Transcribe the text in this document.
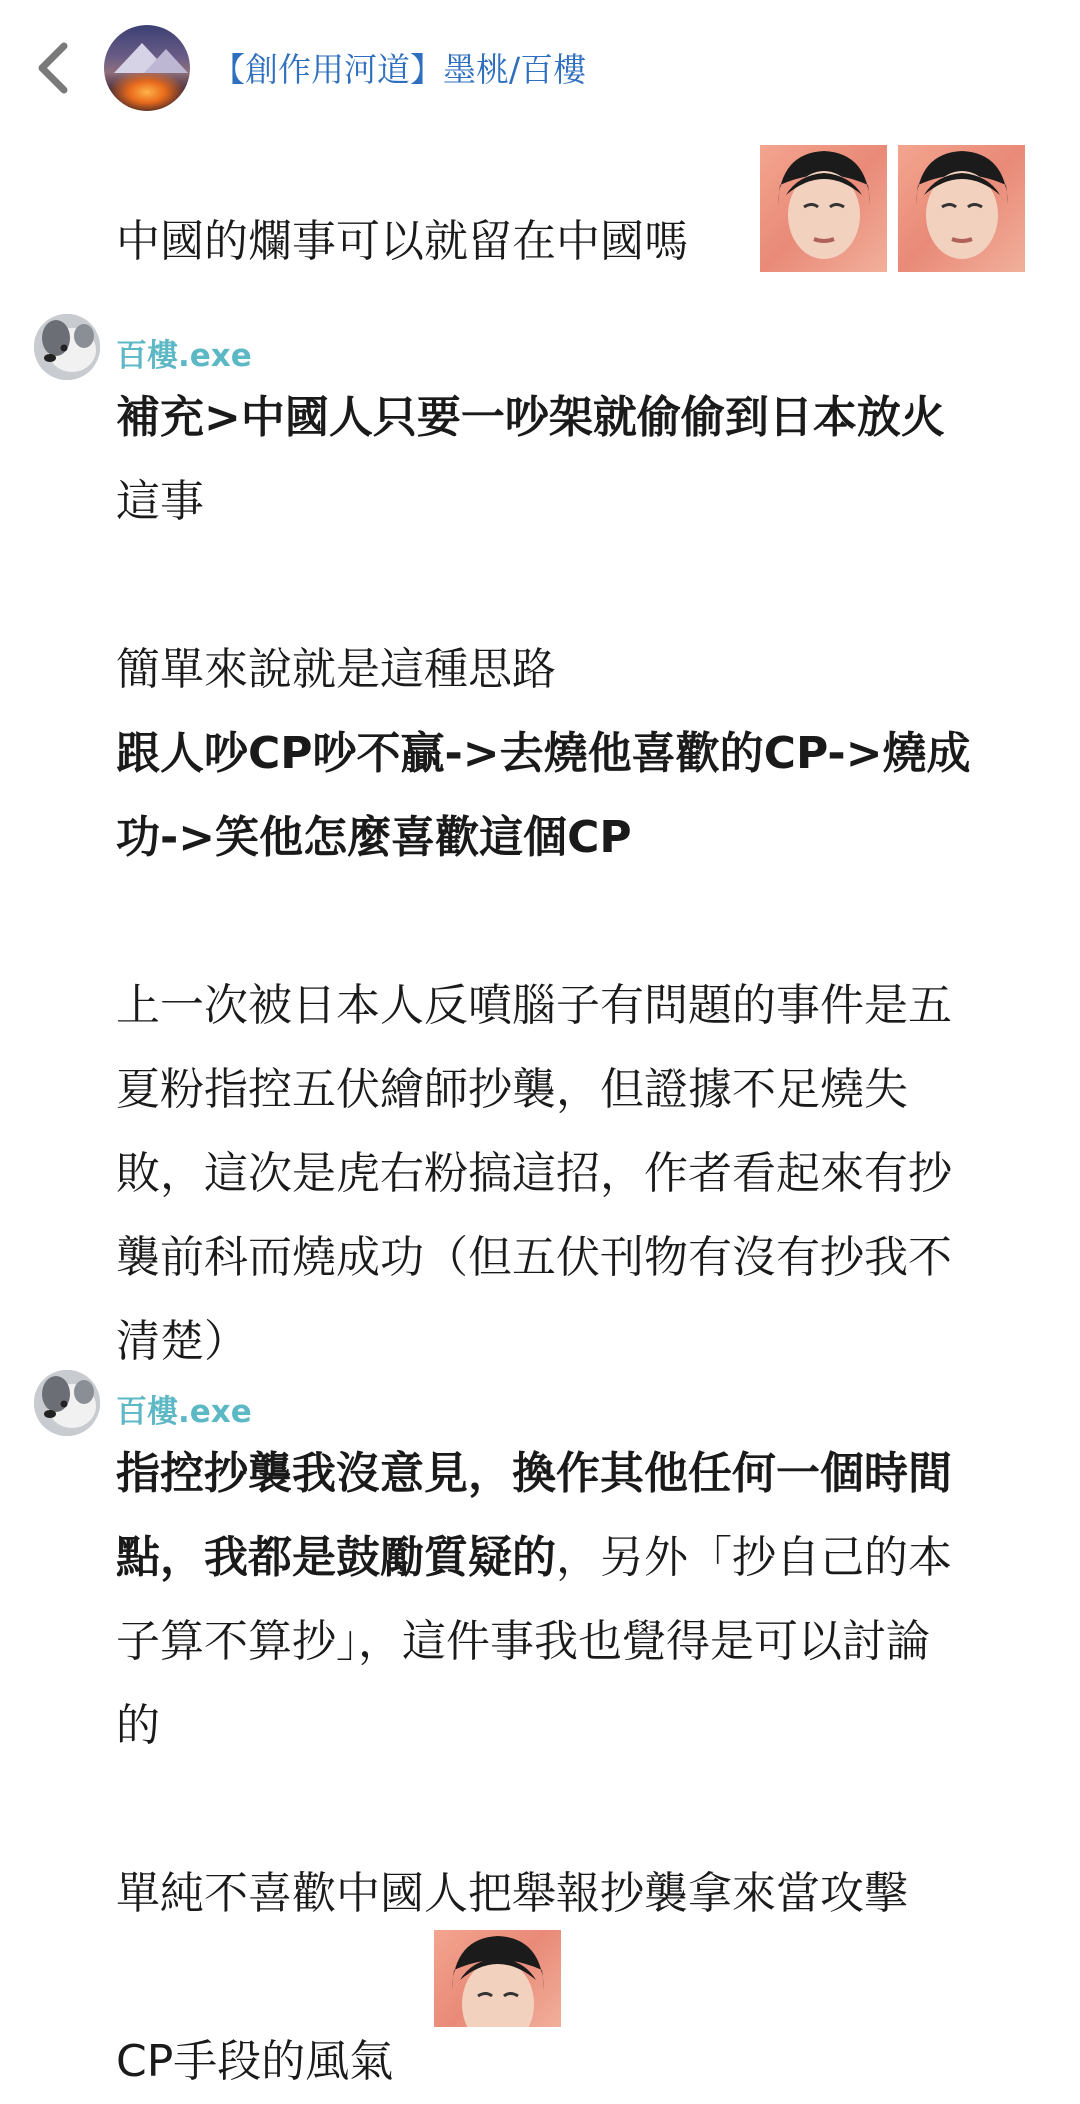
【創作用河道】墨桃/百樓
中國的爛事可以就留在中國嗎
百樓.exe
補充>中國人只要一吵架就偷偷到日本放火
這事
簡單來說就是這種思路
跟人吵CP吵不贏->去燒他喜歡的CP->燒成
功->笑他怎麼喜歡這個CP
上一次被日本人反噴腦子有問題的事件是五
夏粉指控五伏繪師抄襲，但證據不足燒失
敗，這次是虎右粉搞這招，作者看起來有抄
襲前科而燒成功（但五伏刊物有沒有抄我不
清楚）
百樓.exe
指控抄襲我沒意見，換作其他任何一個時間
點，我都是鼓勵質疑的，另外「抄自己的本
子算不算抄」，這件事我也覺得是可以討論
的
單純不喜歡中國人把舉報抄襲拿來當攻擊
CP手段的風氣
